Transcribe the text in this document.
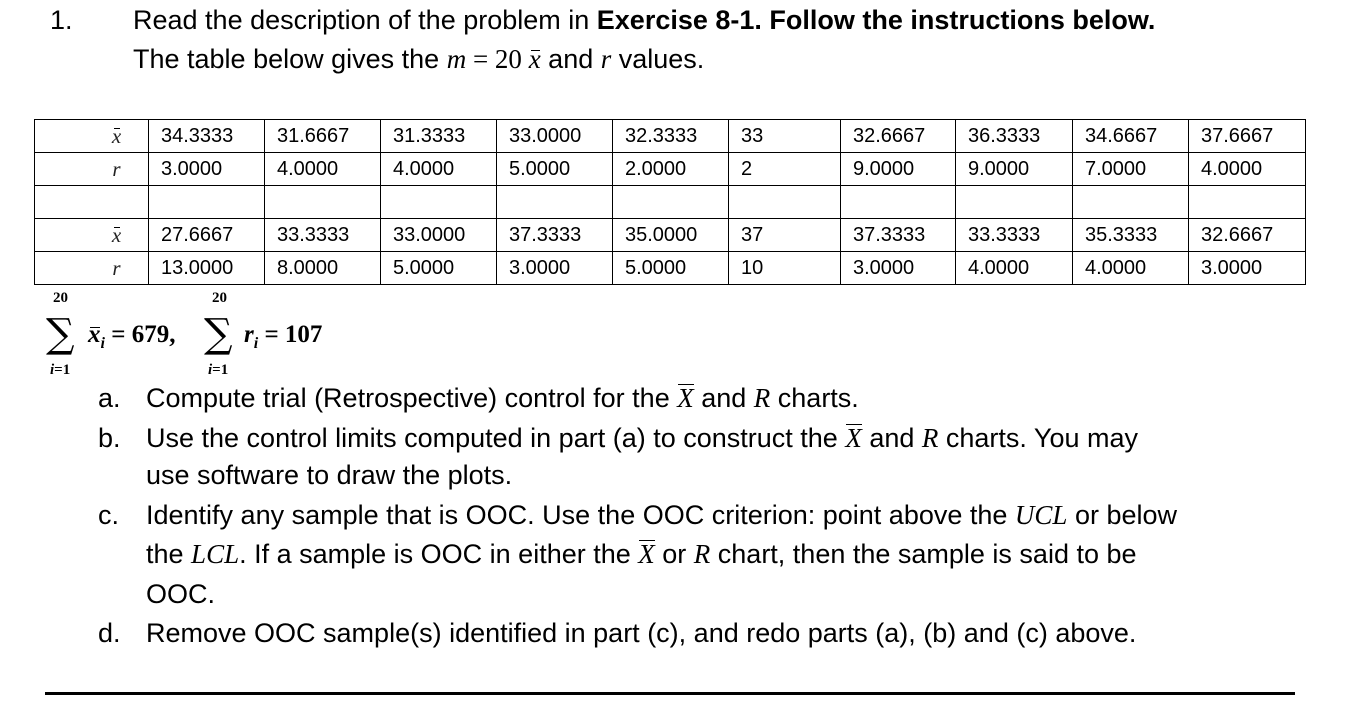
1. Read the description of the problem in Exercise 8-1. Follow the instructions below.
The table below gives the m = 20 x and r values.
x	34.3333	31.6667	31.3333	33.0000	32.3333	33	32.6667	36.3333	34.6667	37.6667
r	3.0000	4.0000	4.0000	5.0000	2.0000	2	9.0000	9.0000	7.0000	4.0000

x	27.6667	33.3333	33.0000	37.3333	35.0000	37	37.3333	33.3333	35.3333	32.6667
r	13.0000	8.0000	5.0000	3.0000	5.0000	10	3.0000	4.0000	4.0000	3.0000
20
∑
i=1
$x_i = 679$,
20
∑
i=1
$r_i = 107$
a. Compute trial (Retrospective) control for the X and R charts.
b. Use the control limits computed in part (a) to construct the X and R charts. You may
use software to draw the plots.
c. Identify any sample that is OOC. Use the OOC criterion: point above the UCL or below
the LCL. If a sample is OOC in either the X or R chart, then the sample is said to be
OOC.
d. Remove OOC sample(s) identified in part (c), and redo parts (a), (b) and (c) above.
